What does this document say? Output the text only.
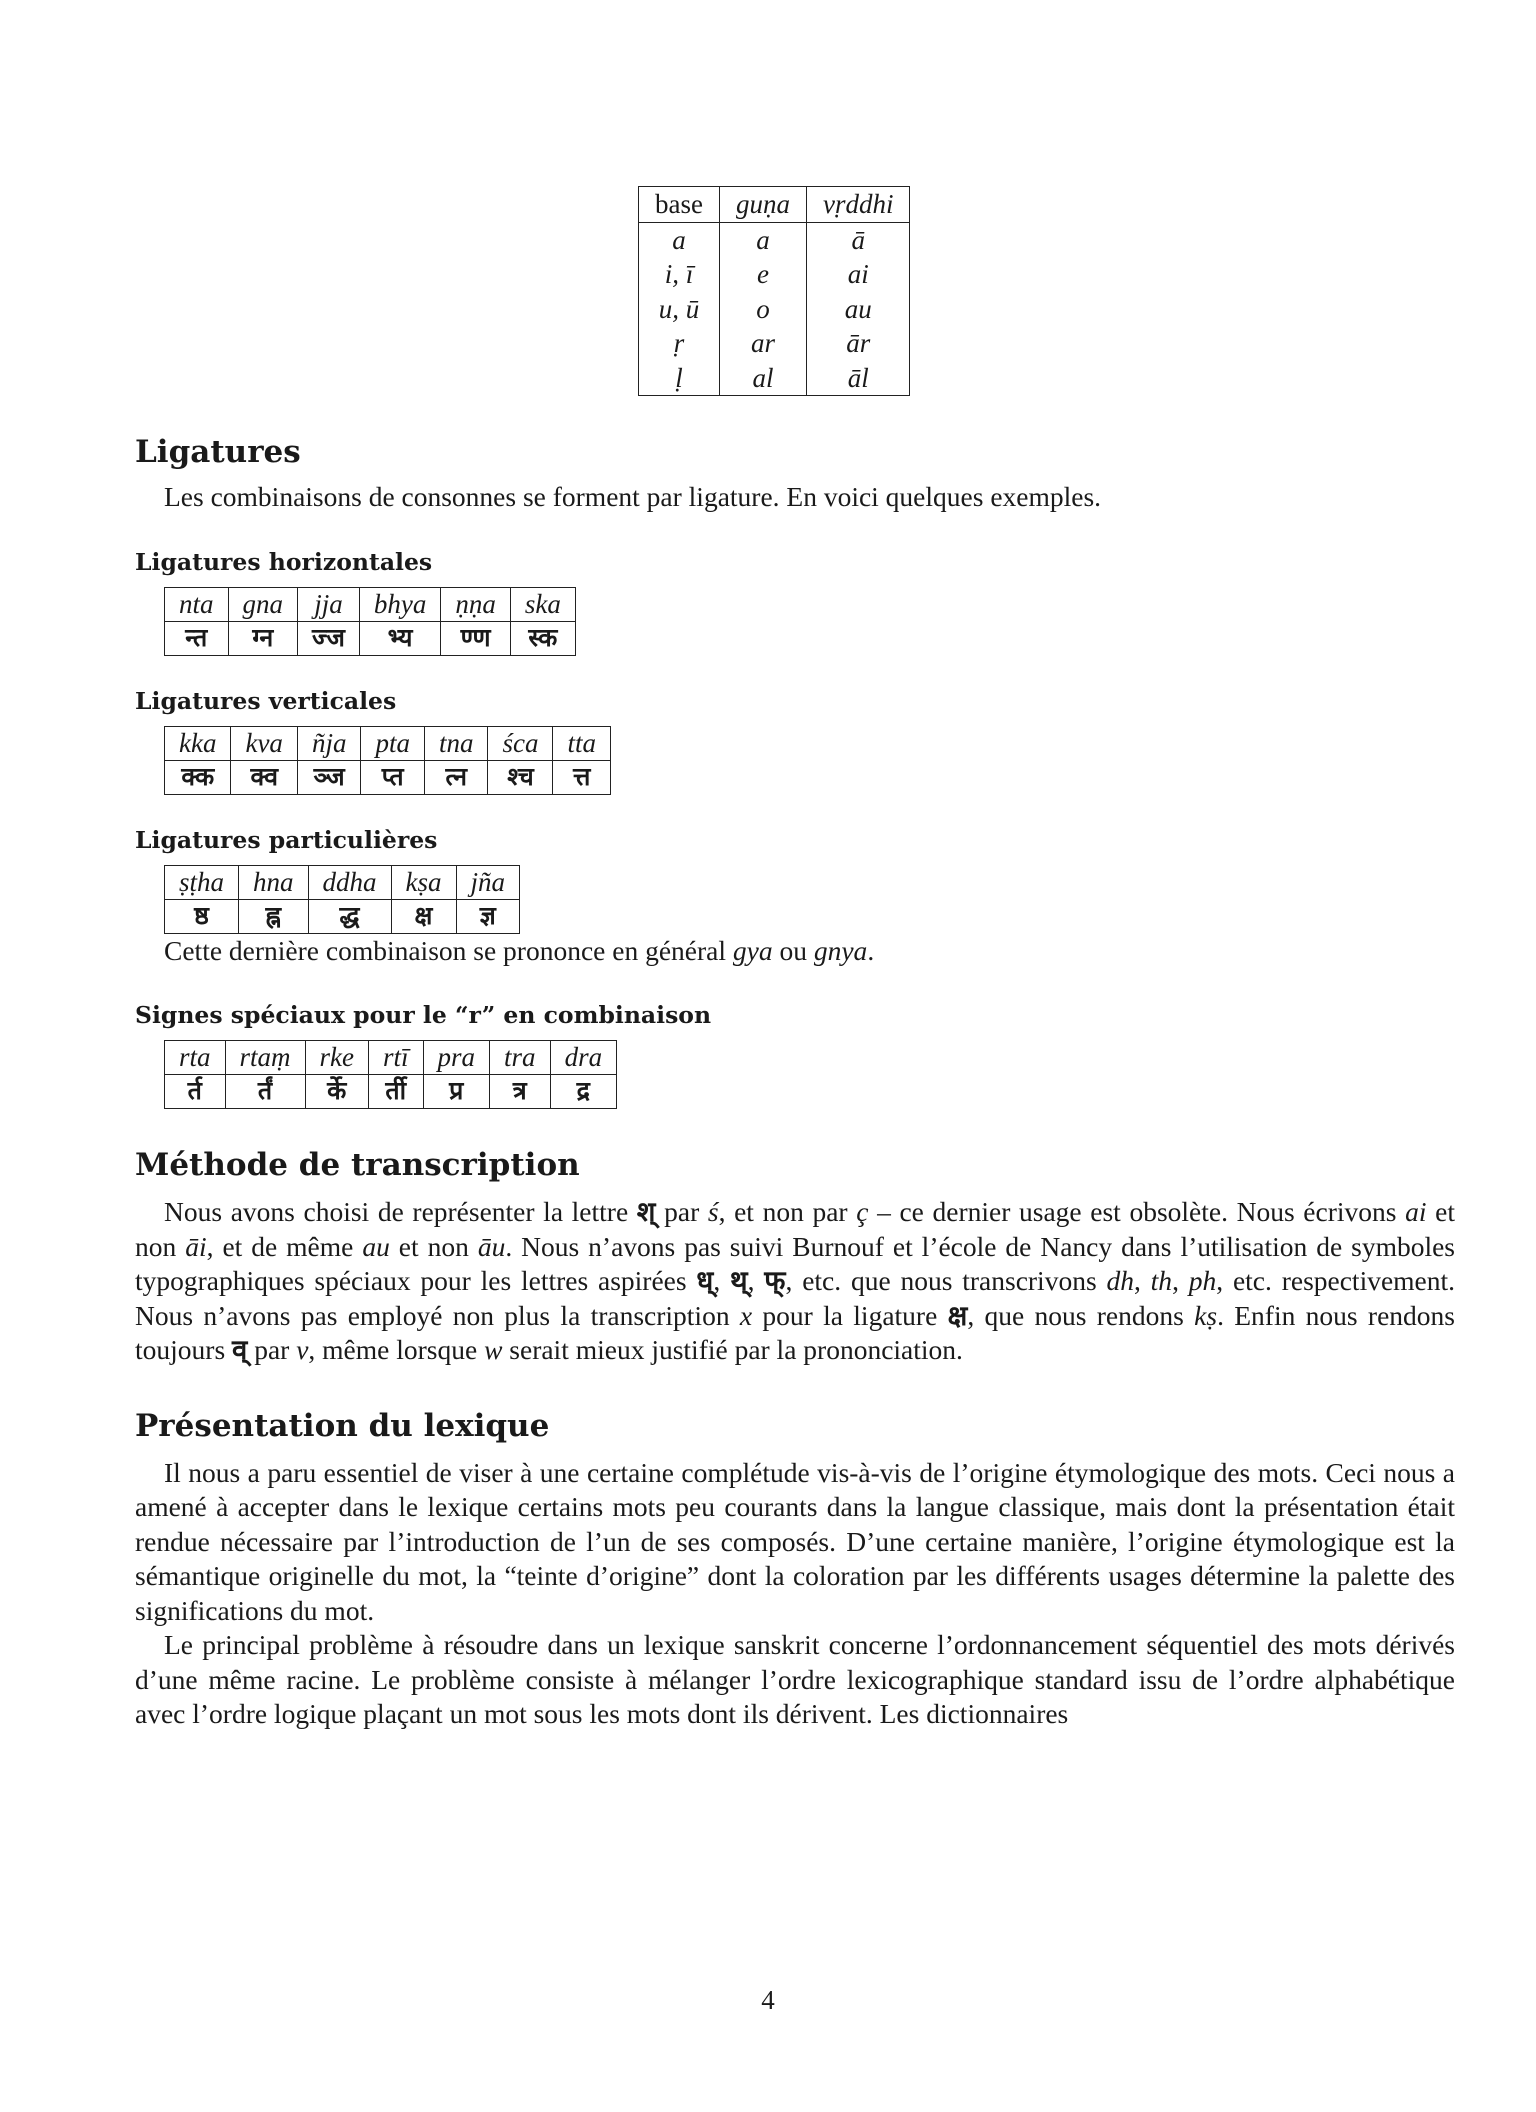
base	guṇa	vṛddhi
a	a	ā
i, ī	e	ai
u, ū	o	au
ṛ	ar	ār
ḷ	al	āl
Ligatures

Les combinaisons de consonnes se forment par ligature. En voici quelques exemples.

Ligatures horizontales
nta	gna	jja	bhya	ṇṇa	ska
न्त	ग्न	ज्ज	भ्य	ण्ण	स्क
Ligatures verticales
kka	kva	ñja	pta	tna	śca	tta
क्क	क्व	ञ्ज	प्त	त्न	श्च	त्त
Ligatures particulières
ṣṭha	hna	ddha	kṣa	jña
ष्ठ	ह्न	द्ध	क्ष	ज्ञ

Cette dernière combinaison se prononce en général gya ou gnya.

Signes spéciaux pour le “r” en combinaison
rta	rtaṃ	rke	rtī	pra	tra	dra
र्त	र्तं	र्के	र्ती	प्र	त्र	द्र
Méthode de transcription

Nous avons choisi de représenter la lettre श् par ś, et non par ç – ce dernier usage est obsolète. Nous écrivons ai et non āi, et de même au et non āu. Nous n’avons pas suivi Burnouf et l’école de Nancy dans l’utilisation de symboles typographiques spéciaux pour les lettres aspirées ध्, थ्, फ्, etc. que nous transcrivons dh, th, ph, etc. respectivement. Nous n’avons pas employé non plus la transcription x pour la ligature क्ष, que nous rendons kṣ. Enfin nous rendons toujours व् par v, même lorsque w serait mieux justifié par la prononciation.

Présentation du lexique

Il nous a paru essentiel de viser à une certaine complétude vis-à-vis de l’origine étymologique des mots. Ceci nous a amené à accepter dans le lexique certains mots peu courants dans la langue classique, mais dont la présentation était rendue nécessaire par l’introduction de l’un de ses composés. D’une certaine manière, l’origine étymologique est la sémantique originelle du mot, la “teinte d’origine” dont la coloration par les différents usages détermine la palette des significations du mot.

Le principal problème à résoudre dans un lexique sanskrit concerne l’ordonnancement séquentiel des mots dérivés d’une même racine. Le problème consiste à mélanger l’ordre lexicographique standard issu de l’ordre alphabétique avec l’ordre logique plaçant un mot sous les mots dont ils dérivent. Les dictionnaires

4
